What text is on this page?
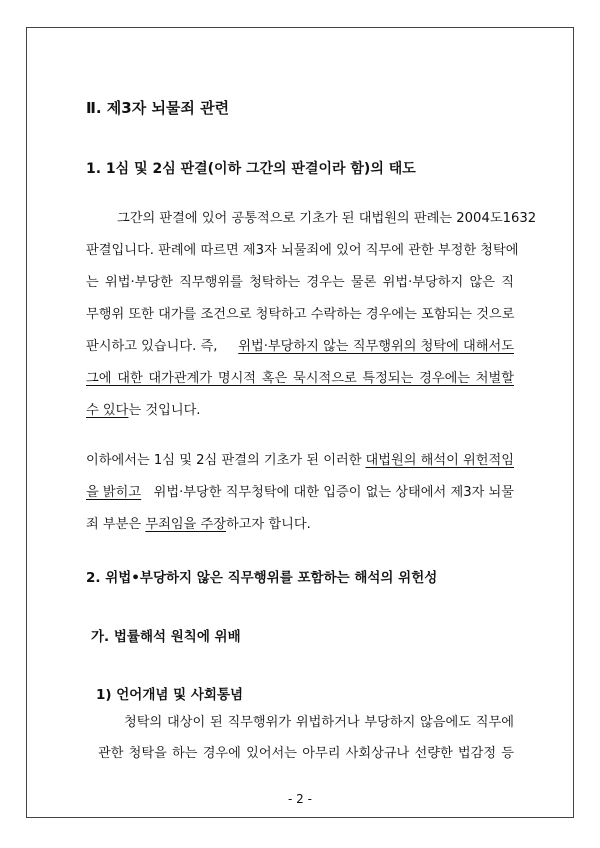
Ⅱ. 제3자 뇌물죄 관련
1. 1심 및 2심 판결(이하 그간의 판결이라 함)의 태도
그간의 판결에 있어 공통적으로 기초가 된 대법원의 판례는 2004도1632
판결입니다. 판례에 따르면 제3자 뇌물죄에 있어 직무에 관한 부정한 청탁에
는 위법·부당한 직무행위를 청탁하는 경우는 물론 위법·부당하지 않은 직
무행위 또한 대가를 조건으로 청탁하고 수락하는 경우에는 포함되는 것으로
판시하고 있습니다. 즉, 위법·부당하지 않는 직무행위의 청탁에 대해서도
그에 대한 대가관계가 명시적 혹은 묵시적으로 특정되는 경우에는 처벌할
수 있다는 것입니다.
이하에서는 1심 및 2심 판결의 기초가 된 이러한 대법원의 해석이 위헌적임
을 밝히고 위법·부당한 직무청탁에 대한 입증이 없는 상태에서 제3자 뇌물
죄 부분은 무죄임을 주장하고자 합니다.
2. 위법•부당하지 않은 직무행위를 포함하는 해석의 위헌성
가. 법률해석 원칙에 위배
1) 언어개념 및 사회통념
청탁의 대상이 된 직무행위가 위법하거나 부당하지 않음에도 직무에
관한 청탁을 하는 경우에 있어서는 아무리 사회상규나 선량한 법감정 등
- 2 -
